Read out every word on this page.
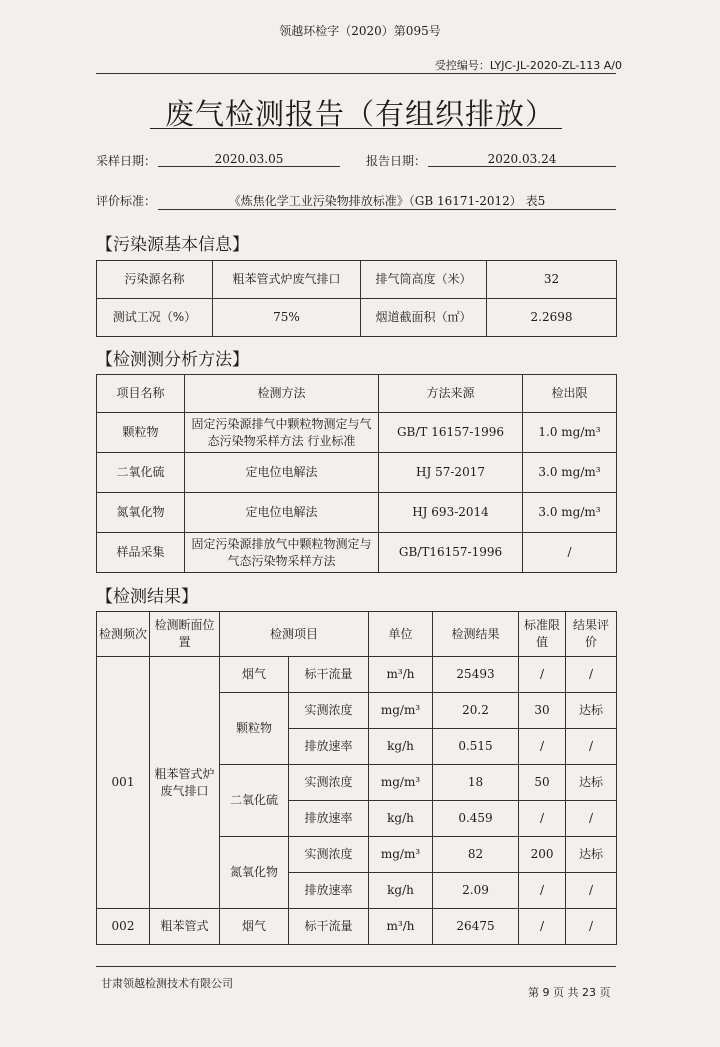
领越环检字（2020）第095号
受控编号：LYJC-JL-2020-ZL-113 A/0
废气检测报告（有组织排放）
采样日期：	2020.03.05	报告日期：	2020.03.24
评价标准：	《炼焦化学工业污染物排放标准》（GB 16171-2012） 表5
【污染源基本信息】
污染源名称	粗苯管式炉废气排口	排气筒高度（米）	32
测试工况（%）	75%	烟道截面积（㎡）	2.2698
【检测测分析方法】
项目名称	检测方法	方法来源	检出限
颗粒物	固定污染源排气中颗粒物测定与气态污染物采样方法 行业标准	GB/T 16157-1996	1.0 mg/m³
二氧化硫	定电位电解法	HJ 57-2017	3.0 mg/m³
氮氧化物	定电位电解法	HJ 693-2014	3.0 mg/m³
样品采集	固定污染源排放气中颗粒物测定与气态污染物采样方法	GB/T16157-1996	/
【检测结果】
检测频次	检测断面位置	检测项目		单位	检测结果	标准限值	结果评价
001	粗苯管式炉废气排口	烟气	标干流量	m³/h	25493	/	/
		颗粒物	实测浓度	mg/m³	20.2	30	达标
			排放速率	kg/h	0.515	/	/
		二氧化硫	实测浓度	mg/m³	18	50	达标
			排放速率	kg/h	0.459	/	/
		氮氧化物	实测浓度	mg/m³	82	200	达标
			排放速率	kg/h	2.09	/	/
002	粗苯管式	烟气	标干流量	m³/h	26475	/	/
甘肃领越检测技术有限公司
第 9 页 共 23 页
